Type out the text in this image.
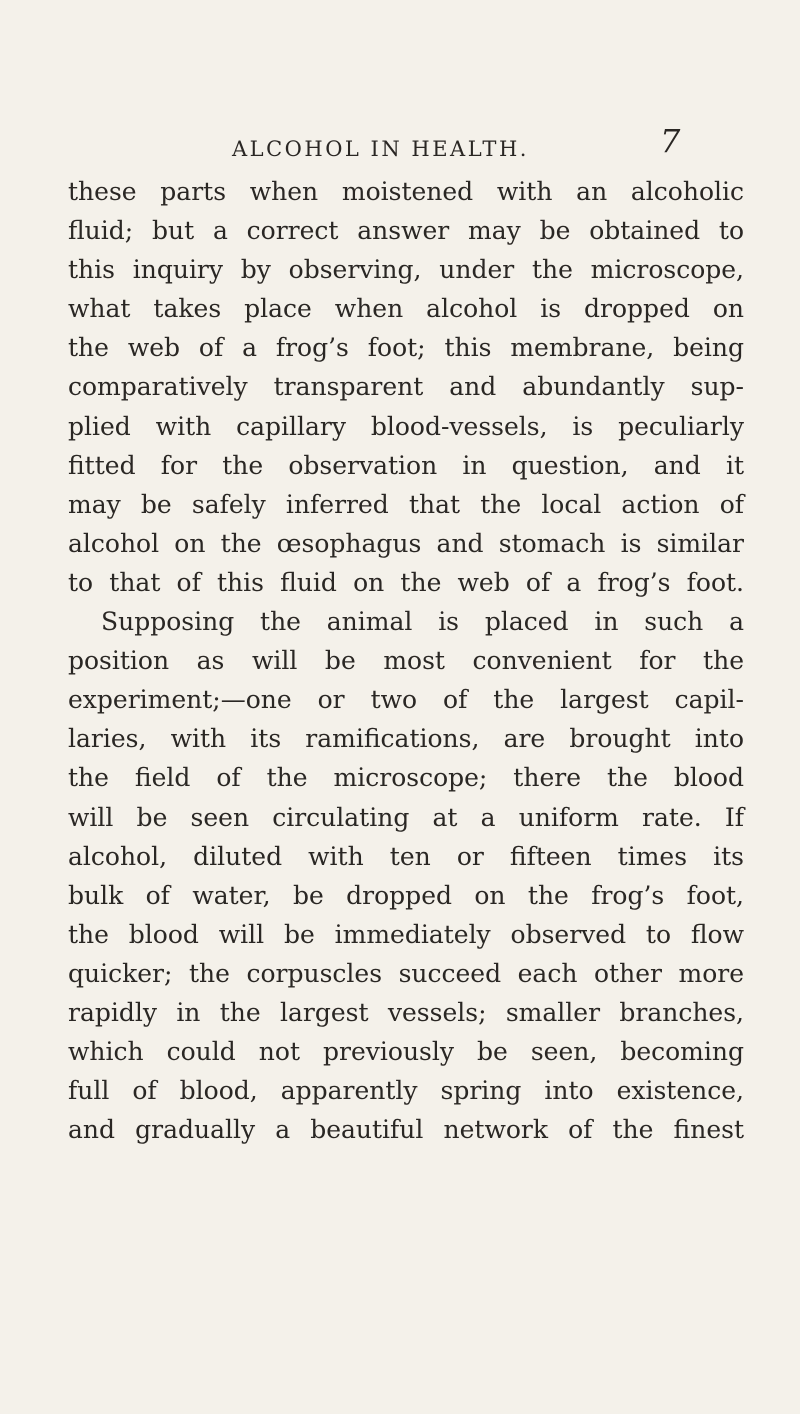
ALCOHOL IN HEALTH.	7
these parts when moistened with an alcoholic
fluid; but a correct answer may be obtained to
this inquiry by observing, under the microscope,
what takes place when alcohol is dropped on
the web of a frog’s foot; this membrane, being
comparatively transparent and abundantly sup-
plied with capillary blood-vessels, is peculiarly
fitted for the observation in question, and it
may be safely inferred that the local action of
alcohol on the œsophagus and stomach is similar
to that of this fluid on the web of a frog’s foot.
Supposing the animal is placed in such a
position as will be most convenient for the
experiment;—one or two of the largest capil-
laries, with its ramifications, are brought into
the field of the microscope; there the blood
will be seen circulating at a uniform rate. If
alcohol, diluted with ten or fifteen times its
bulk of water, be dropped on the frog’s foot,
the blood will be immediately observed to flow
quicker; the corpuscles succeed each other more
rapidly in the largest vessels; smaller branches,
which could not previously be seen, becoming
full of blood, apparently spring into existence,
and gradually a beautiful network of the finest
